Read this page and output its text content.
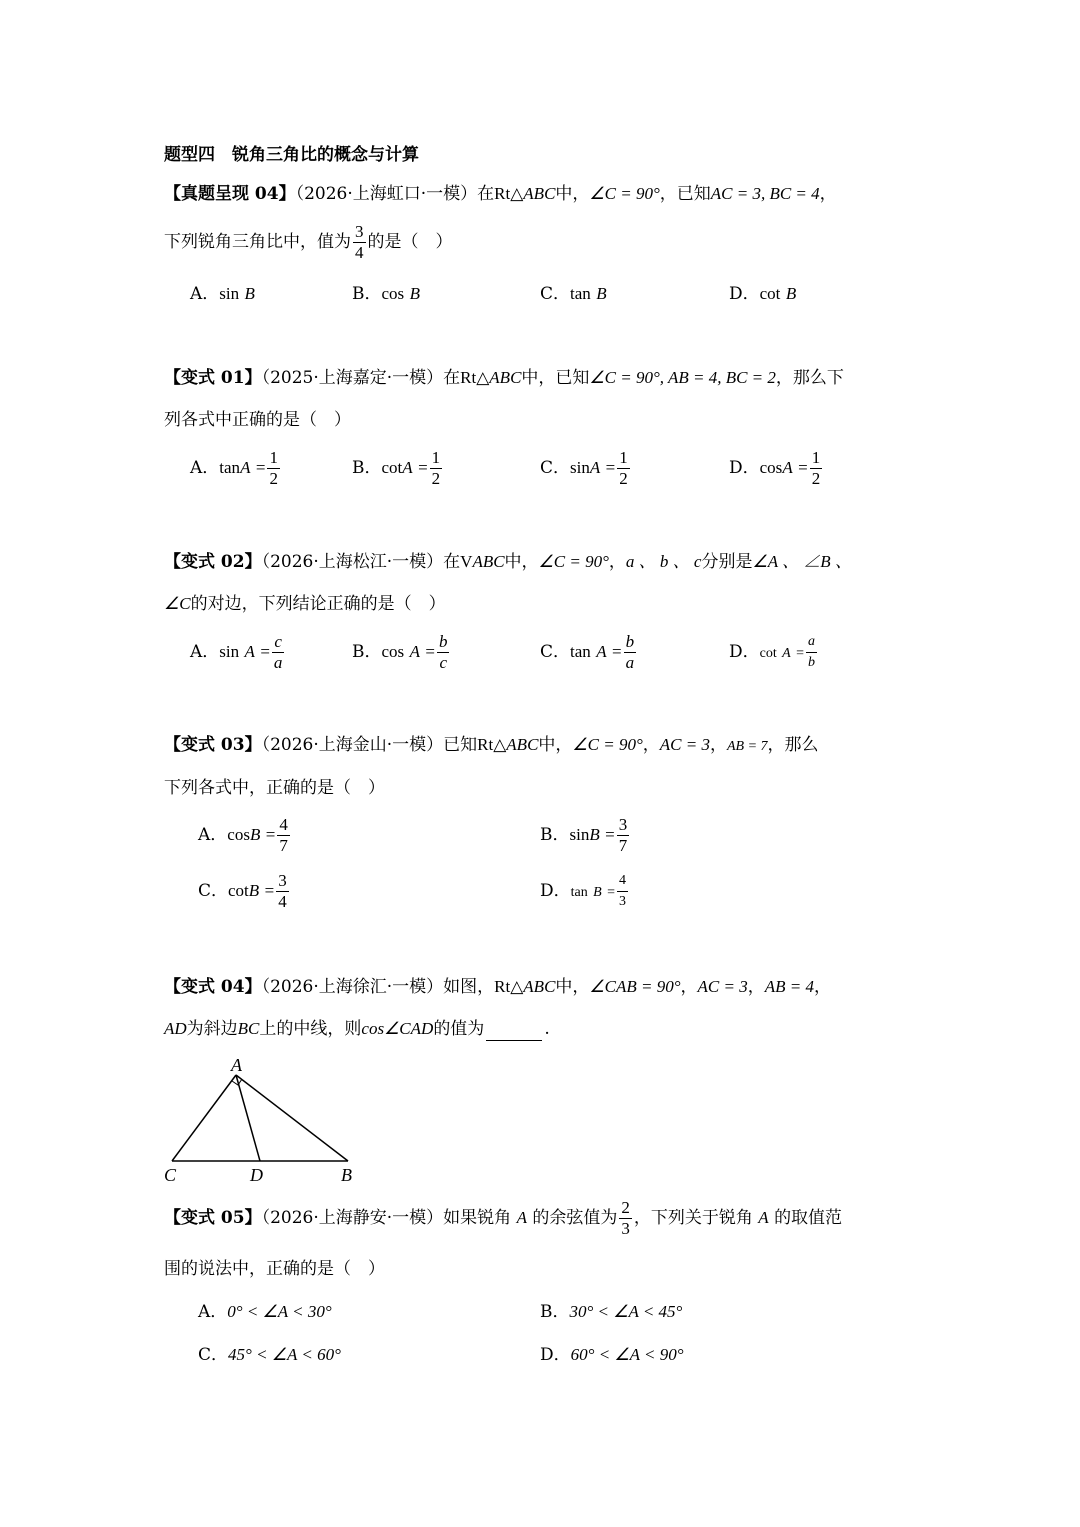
题型四　锐角三角比的概念与计算
【真题呈现 04】（2026·上海虹口·一模）在Rt△ABC中，∠C = 90°，已知AC = 3, BC = 4，
下列锐角三角比中，值为 $\frac{3}{4}$ 的是（　）
A．sin B	B．cos B	C．tan B	D．cot B
【变式 01】（2025·上海嘉定·一模）在Rt△ABC中，已知∠C = 90°, AB = 4, BC = 2，那么下
列各式中正确的是（　）
A．$\tan A = \frac{1}{2}$	B．$\cot A = \frac{1}{2}$	C．$\sin A = \frac{1}{2}$	D．$\cos A = \frac{1}{2}$
【变式 02】（2026·上海松江·一模）在VABC中，∠C = 90°，a 、 b 、 c分别是∠A 、 ∠B 、
∠C的对边，下列结论正确的是（　）
A．$\sin A = \frac{c}{a}$	B．$\cos A = \frac{b}{c}$	C．$\tan A = \frac{b}{a}$	D．$\cot A = \frac{a}{b}$
【变式 03】（2026·上海金山·一模）已知Rt△ABC中，∠C = 90°，AC = 3，AB = 7，那么
下列各式中，正确的是（　）
A．$\cos B = \frac{4}{7}$	B．$\sin B = \frac{3}{7}$
C．$\cot B = \frac{3}{4}$	D．$\tan B = \frac{4}{3}$
【变式 04】（2026·上海徐汇·一模）如图，Rt△ABC中，∠CAB = 90°，AC = 3，AB = 4，
AD为斜边BC上的中线，则cos∠CAD的值为	.
A
C	D	B
【变式 05】（2026·上海静安·一模）如果锐角 A 的余弦值为 $\frac{2}{3}$ ，下列关于锐角 A 的取值范
围的说法中，正确的是（　）
A．0° < ∠A < 30°	B．30° < ∠A < 45°
C．45° < ∠A < 60°	D．60° < ∠A < 90°
